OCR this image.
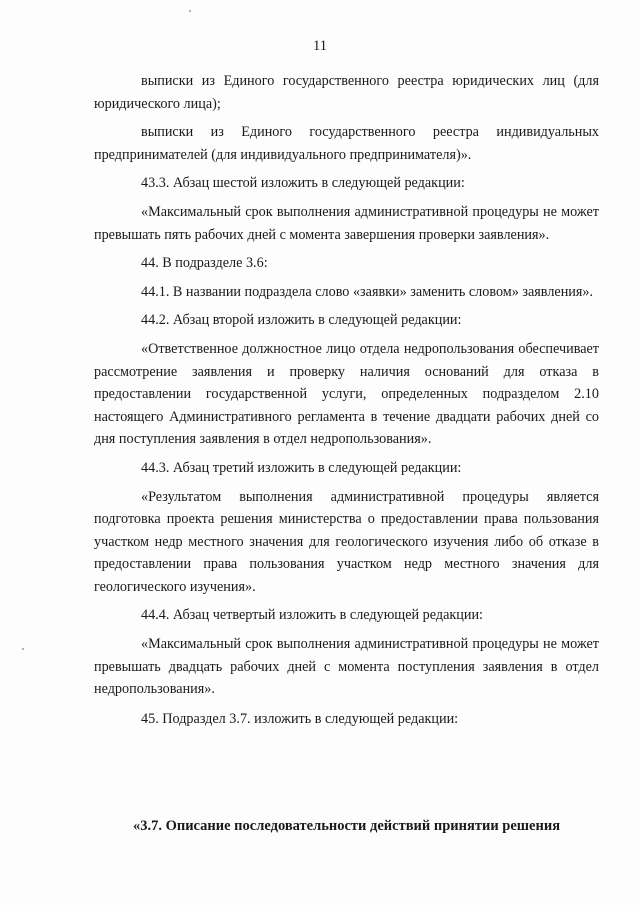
11

выписки из Единого государственного реестра юридических лиц (для юридического лица);

выписки из Единого государственного реестра индивидуальных предпринимателей (для индивидуального предпринимателя)».

43.3. Абзац шестой изложить в следующей редакции:

«Максимальный срок выполнения административной процедуры не может превышать пять рабочих дней с момента завершения проверки заявления».

44. В подразделе 3.6:

44.1. В названии подраздела слово «заявки» заменить словом» заявления».

44.2. Абзац второй изложить в следующей редакции:

«Ответственное должностное лицо отдела недропользования обеспечивает рассмотрение заявления и проверку наличия оснований для отказа в предоставлении государственной услуги, определенных подразделом 2.10 настоящего Административного регламента в течение двадцати рабочих дней со дня поступления заявления в отдел недропользования».

44.3. Абзац третий изложить в следующей редакции:

«Результатом выполнения административной процедуры является подготовка проекта решения министерства о предоставлении права пользования участком недр местного значения для геологического изучения либо об отказе в предоставлении права пользования участком недр местного значения для геологического изучения».

44.4. Абзац четвертый изложить в следующей редакции:

«Максимальный срок выполнения административной процедуры не может превышать двадцать рабочих дней с момента поступления заявления в отдел недропользования».

45. Подраздел 3.7. изложить в следующей редакции:

«3.7. Описание последовательности действий принятии решения
